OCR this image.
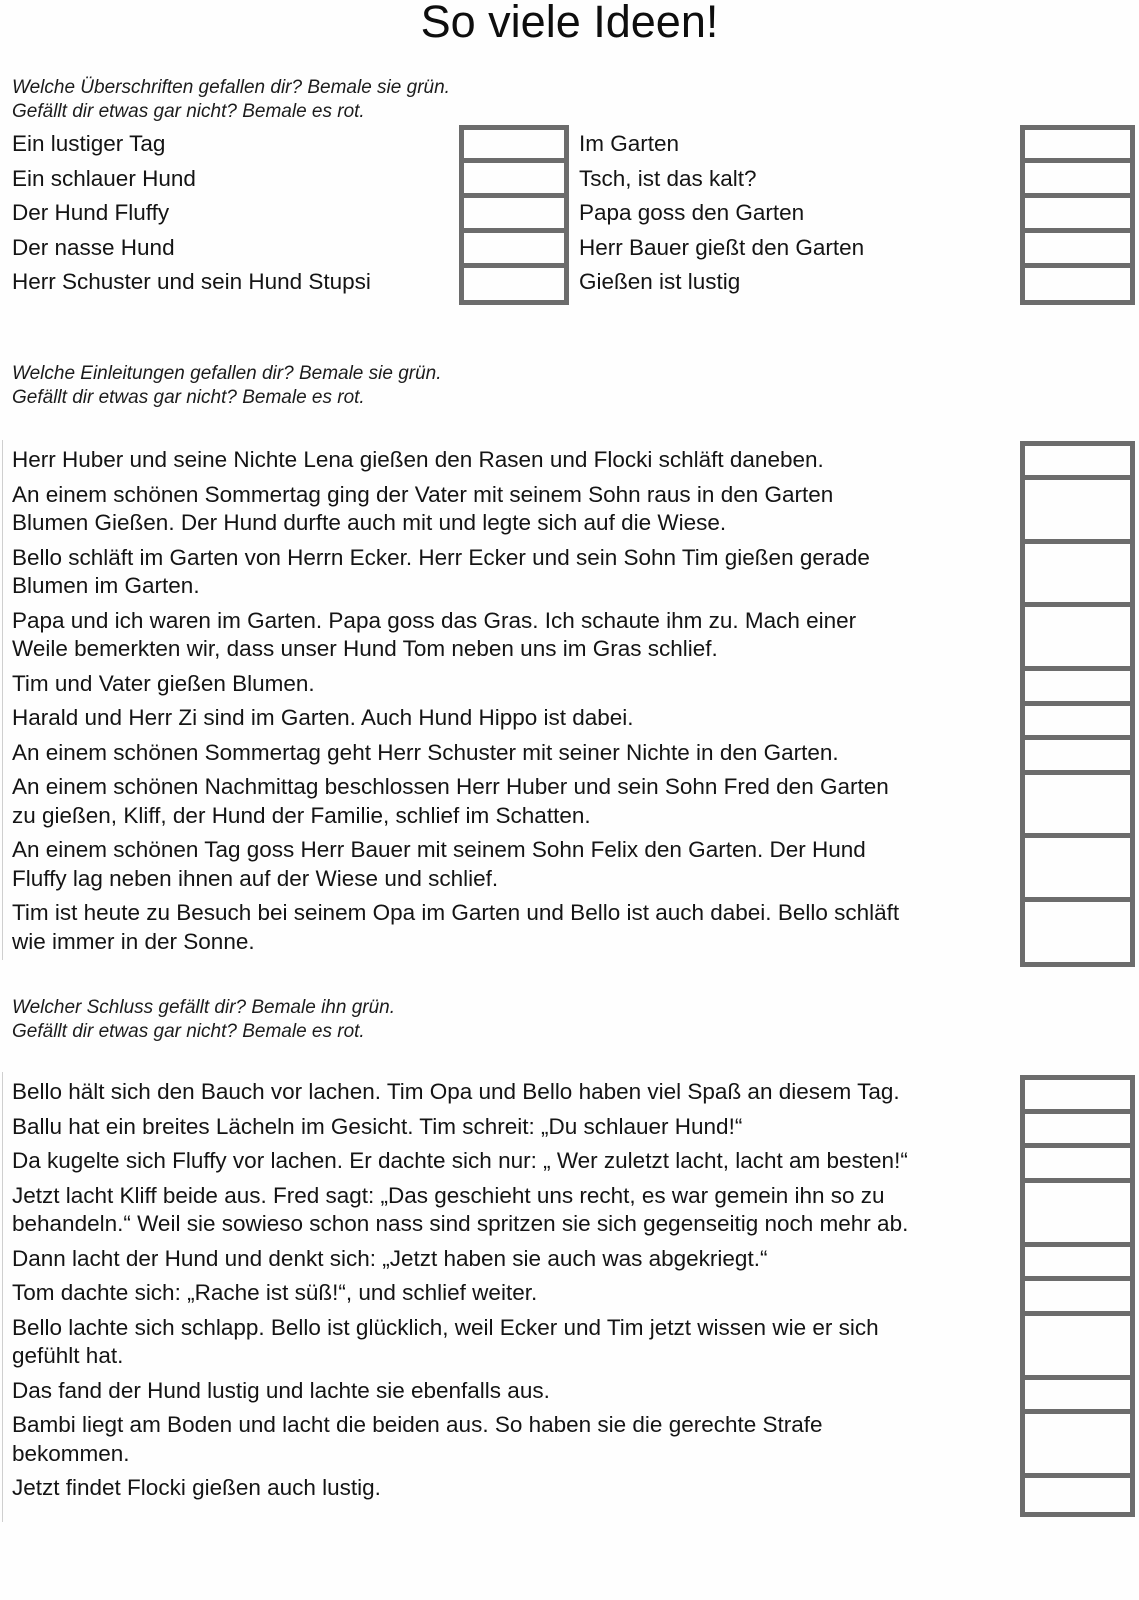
So viele Ideen!
Welche Überschriften gefallen dir? Bemale sie grün.
Gefällt dir etwas gar nicht? Bemale es rot.
Ein lustiger Tag
Ein schlauer Hund
Der Hund Fluffy
Der nasse Hund
Herr Schuster und sein Hund Stupsi
Im Garten
Tsch, ist das kalt?
Papa goss den Garten
Herr Bauer gießt den Garten
Gießen ist lustig
Welche Einleitungen gefallen dir? Bemale sie grün.
Gefällt dir etwas gar nicht? Bemale es rot.
Herr Huber und seine Nichte Lena gießen den Rasen und Flocki schläft daneben.
An einem schönen Sommertag ging der Vater mit seinem Sohn raus in den Garten
Blumen Gießen. Der Hund durfte auch mit und legte sich auf die Wiese.
Bello schläft im Garten von Herrn Ecker. Herr Ecker und sein Sohn Tim gießen gerade
Blumen im Garten.
Papa und ich waren im Garten. Papa goss das Gras. Ich schaute ihm zu. Mach einer
Weile bemerkten wir, dass unser Hund Tom neben uns im Gras schlief.
Tim und Vater gießen Blumen.
Harald und Herr Zi sind im Garten. Auch Hund Hippo ist dabei.
An einem schönen Sommertag geht Herr Schuster mit seiner Nichte in den Garten.
An einem schönen Nachmittag beschlossen Herr Huber und sein Sohn Fred den Garten
zu gießen, Kliff, der Hund der Familie, schlief im Schatten.
An einem schönen Tag goss Herr Bauer mit seinem Sohn Felix den Garten. Der Hund
Fluffy lag neben ihnen auf der Wiese und schlief.
Tim ist heute zu Besuch bei seinem Opa im Garten und Bello ist auch dabei. Bello schläft
wie immer in der Sonne.
Welcher Schluss gefällt dir? Bemale ihn grün.
Gefällt dir etwas gar nicht? Bemale es rot.
Bello hält sich den Bauch vor lachen. Tim Opa und Bello haben viel Spaß an diesem Tag.
Ballu hat ein breites Lächeln im Gesicht. Tim schreit: „Du schlauer Hund!“
Da kugelte sich Fluffy vor lachen. Er dachte sich nur: „ Wer zuletzt lacht, lacht am besten!“
Jetzt lacht Kliff beide aus. Fred sagt: „Das geschieht uns recht, es war gemein ihn so zu
behandeln.“ Weil sie sowieso schon nass sind spritzen sie sich gegenseitig noch mehr ab.
Dann lacht der Hund und denkt sich: „Jetzt haben sie auch was abgekriegt.“
Tom dachte sich: „Rache ist süß!“, und schlief weiter.
Bello lachte sich schlapp. Bello ist glücklich, weil Ecker und Tim jetzt wissen wie er sich
gefühlt hat.
Das fand der Hund lustig und lachte sie ebenfalls aus.
Bambi liegt am Boden und lacht die beiden aus. So haben sie die gerechte Strafe
bekommen.
Jetzt findet Flocki gießen auch lustig.
